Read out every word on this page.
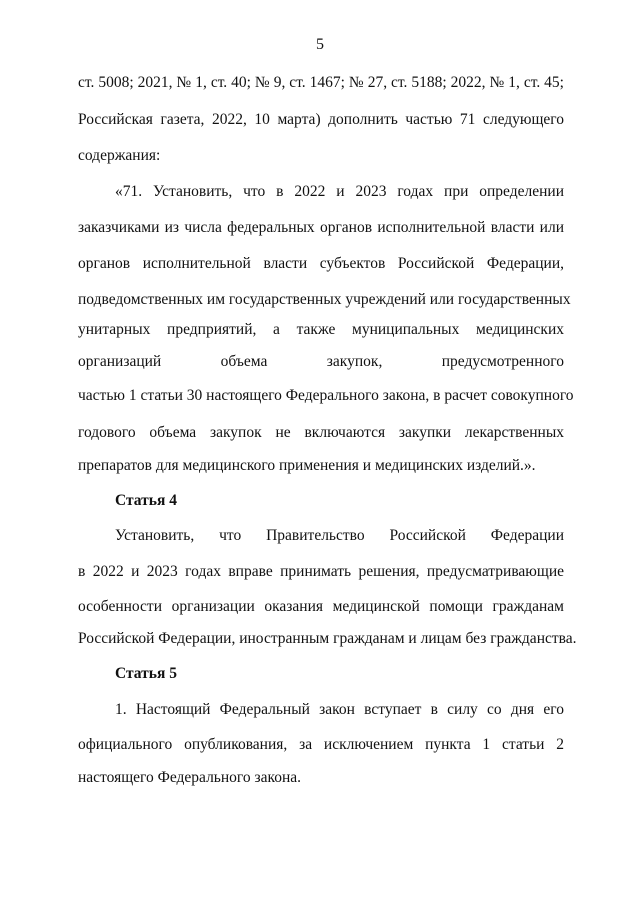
5
ст. 5008; 2021, № 1, ст. 40; № 9, ст. 1467; № 27, ст. 5188; 2022, № 1, ст. 45;
Российская газета, 2022, 10 марта) дополнить частью 71 следующего
содержания:
«71. Установить, что в 2022 и 2023 годах при определении
заказчиками из числа федеральных органов исполнительной власти или
органов исполнительной власти субъектов Российской Федерации,
подведомственных им государственных учреждений или государственных
унитарных предприятий, а также муниципальных медицинских
организаций объема закупок, предусмотренного
частью 1 статьи 30 настоящего Федерального закона, в расчет совокупного
годового объема закупок не включаются закупки лекарственных
препаратов для медицинского применения и медицинских изделий.».
Статья 4
Установить, что Правительство Российской Федерации
в 2022 и 2023 годах вправе принимать решения, предусматривающие
особенности организации оказания медицинской помощи гражданам
Российской Федерации, иностранным гражданам и лицам без гражданства.
Статья 5
1. Настоящий Федеральный закон вступает в силу со дня его
официального опубликования, за исключением пункта 1 статьи 2
настоящего Федерального закона.
